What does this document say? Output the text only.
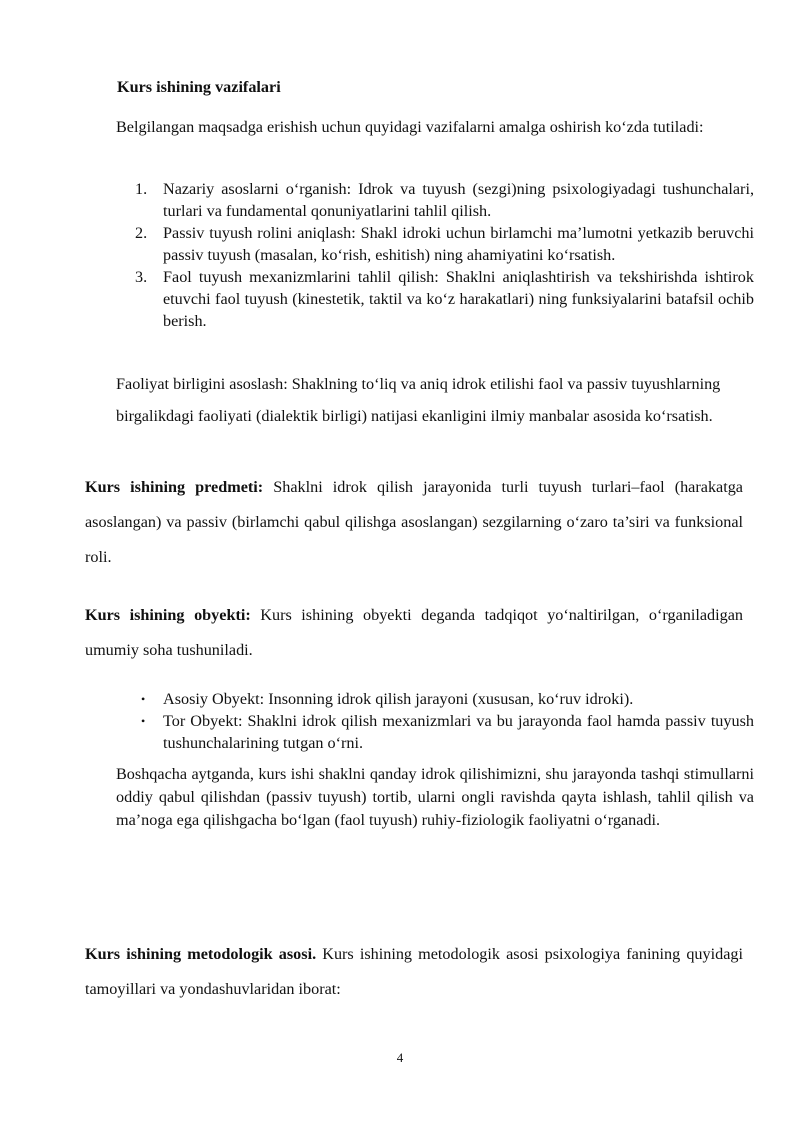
Kurs ishining vazifalari

Belgilangan maqsadga erishish uchun quyidagi vazifalarni amalga oshirish koʻzda tutiladi:

1. Nazariy asoslarni oʻrganish: Idrok va tuyush (sezgi)ning psixologiyadagi tushunchalari, turlari va fundamental qonuniyatlarini tahlil qilish.
2. Passiv tuyush rolini aniqlash: Shakl idroki uchun birlamchi maʼlumotni yetkazib beruvchi passiv tuyush (masalan, koʻrish, eshitish) ning ahamiyatini koʻrsatish.
3. Faol tuyush mexanizmlarini tahlil qilish: Shaklni aniqlashtirish va tekshirishda ishtirok etuvchi faol tuyush (kinestetik, taktil va koʻz harakatlari) ning funksiyalarini batafsil ochib berish.

Faoliyat birligini asoslash: Shaklning toʻliq va aniq idrok etilishi faol va passiv tuyushlarning birgalikdagi faoliyati (dialektik birligi) natijasi ekanligini ilmiy manbalar asosida koʻrsatish.

Kurs ishining predmeti: Shaklni idrok qilish jarayonida turli tuyush turlari–faol (harakatga asoslangan) va passiv (birlamchi qabul qilishga asoslangan) sezgilarning oʻzaro ta’siri va funksional roli.

Kurs ishining obyekti: Kurs ishining obyekti deganda tadqiqot yoʻnaltirilgan, oʻrganiladigan umumiy soha tushuniladi.

• Asosiy Obyekt: Insonning idrok qilish jarayoni (xususan, koʻruv idroki).
• Tor Obyekt: Shaklni idrok qilish mexanizmlari va bu jarayonda faol hamda passiv tuyush tushunchalarining tutgan oʻrni.

Boshqacha aytganda, kurs ishi shaklni qanday idrok qilishimizni, shu jarayonda tashqi stimullarni oddiy qabul qilishdan (passiv tuyush) tortib, ularni ongli ravishda qayta ishlash, tahlil qilish va ma’noga ega qilishgacha boʻlgan (faol tuyush) ruhiy-fiziologik faoliyatni oʻrganadi.

Kurs ishining metodologik asosi. Kurs ishining metodologik asosi psixologiya fanining quyidagi tamoyillari va yondashuvlaridan iborat:

4
